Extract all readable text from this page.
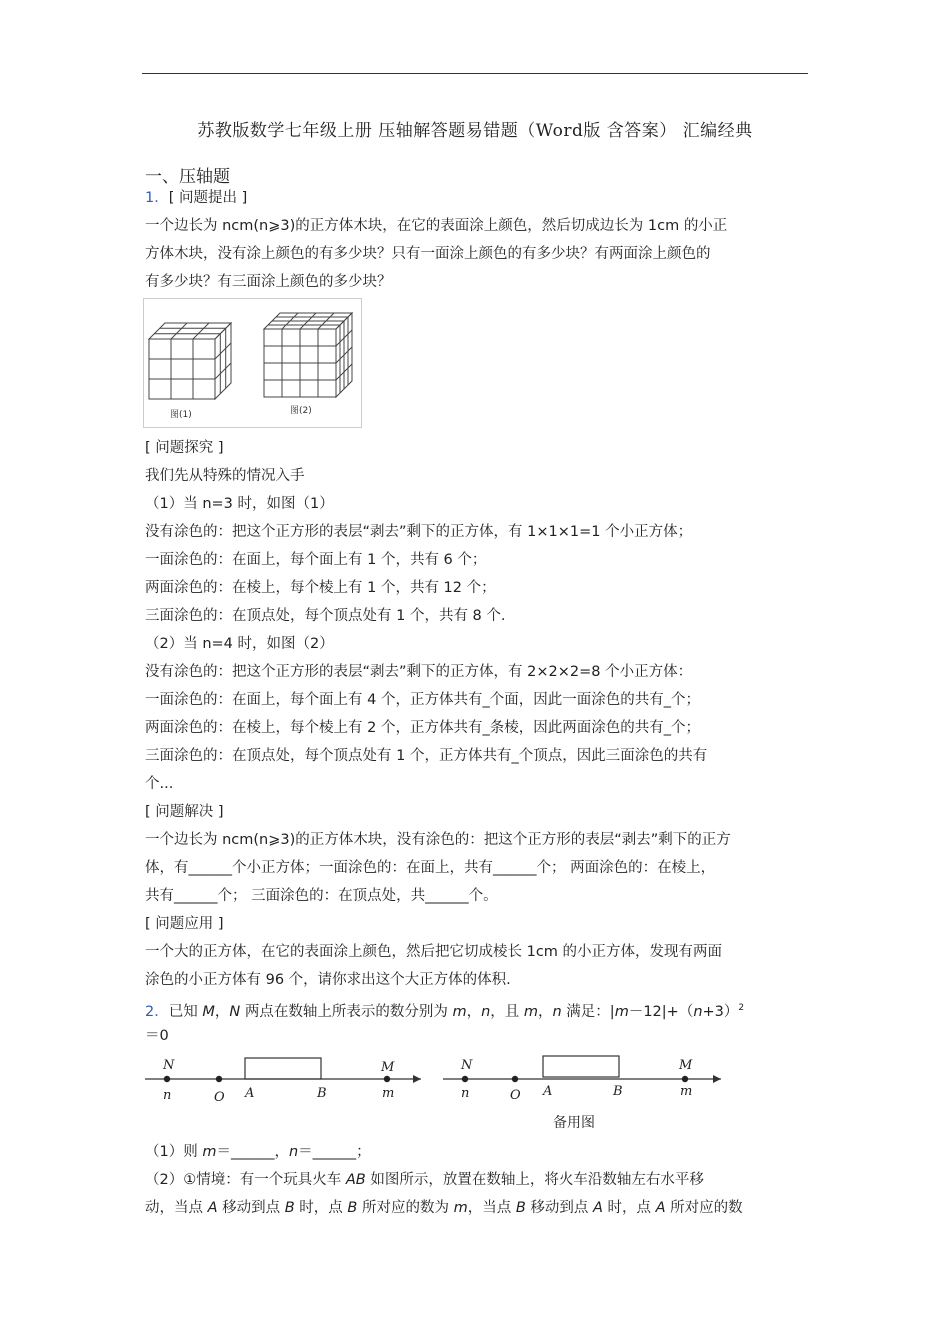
苏教版数学七年级上册 压轴解答题易错题（Word版 含答案） 汇编经典
一、压轴题
1．[ 问题提出 ]
一个边长为 ncm(n⩾3)的正方体木块，在它的表面涂上颜色，然后切成边长为 1cm 的小正
方体木块，没有涂上颜色的有多少块？只有一面涂上颜色的有多少块？有两面涂上颜色的
有多少块？有三面涂上颜色的多少块？
图(1)	图(2)
[ 问题探究 ]
我们先从特殊的情况入手
（1）当 n=3 时，如图（1）
没有涂色的：把这个正方形的表层“剥去”剩下的正方体，有 1×1×1=1 个小正方体；
一面涂色的：在面上，每个面上有 1 个，共有 6 个；
两面涂色的：在棱上，每个棱上有 1 个，共有 12 个；
三面涂色的：在顶点处，每个顶点处有 1 个，共有 8 个.
（2）当 n=4 时，如图（2）
没有涂色的：把这个正方形的表层“剥去”剩下的正方体，有 2×2×2=8 个小正方体：
一面涂色的：在面上，每个面上有 4 个，正方体共有_个面，因此一面涂色的共有_个；
两面涂色的：在棱上，每个棱上有 2 个，正方体共有_条棱，因此两面涂色的共有_个；
三面涂色的：在顶点处，每个顶点处有 1 个，正方体共有_个顶点，因此三面涂色的共有
个...
[ 问题解决 ]
一个边长为 ncm(n⩾3)的正方体木块，没有涂色的：把这个正方形的表层“剥去”剩下的正方
体，有______个小正方体；一面涂色的：在面上，共有______个； 两面涂色的：在棱上，
共有______个； 三面涂色的：在顶点处，共______个。
[ 问题应用 ]
一个大的正方体，在它的表面涂上颜色，然后把它切成棱长 1cm 的小正方体，发现有两面
涂色的小正方体有 96 个，请你求出这个大正方体的体积.
2．已知 M，N 两点在数轴上所表示的数分别为 m，n，且 m，n 满足：$|m-12|+(n+3)^2$
＝0
N
n	O A	B
M
m
N
n	O A	B
M
m
备用图
（1）则 m＝______，n＝______；
（2）①情境：有一个玩具火车 AB 如图所示，放置在数轴上，将火车沿数轴左右水平移
动，当点 A 移动到点 B 时，点 B 所对应的数为 m，当点 B 移动到点 A 时，点 A 所对应的数
